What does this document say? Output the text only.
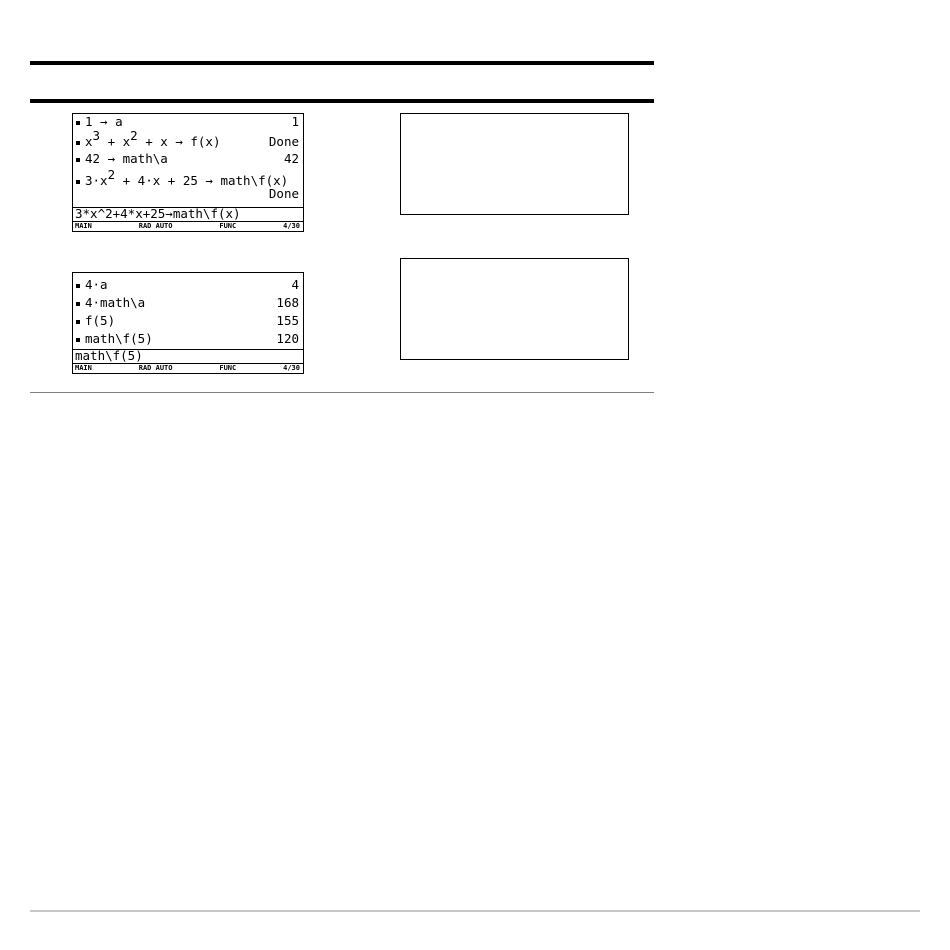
1 → a	1
$x^3 + x^2 + x \to f(x)$	Done
42 → math\a	42
$3\cdot x^2 + 4\cdot x + 25$ → math\f(x)
Done
3*x^2+4*x+25→math\f(x)
MAIN	RAD AUTO	FUNC	4/30
4·a	4
4·math\a	168
f(5)	155
math\f(5)	120
math\f(5)
MAIN	RAD AUTO	FUNC	4/30
